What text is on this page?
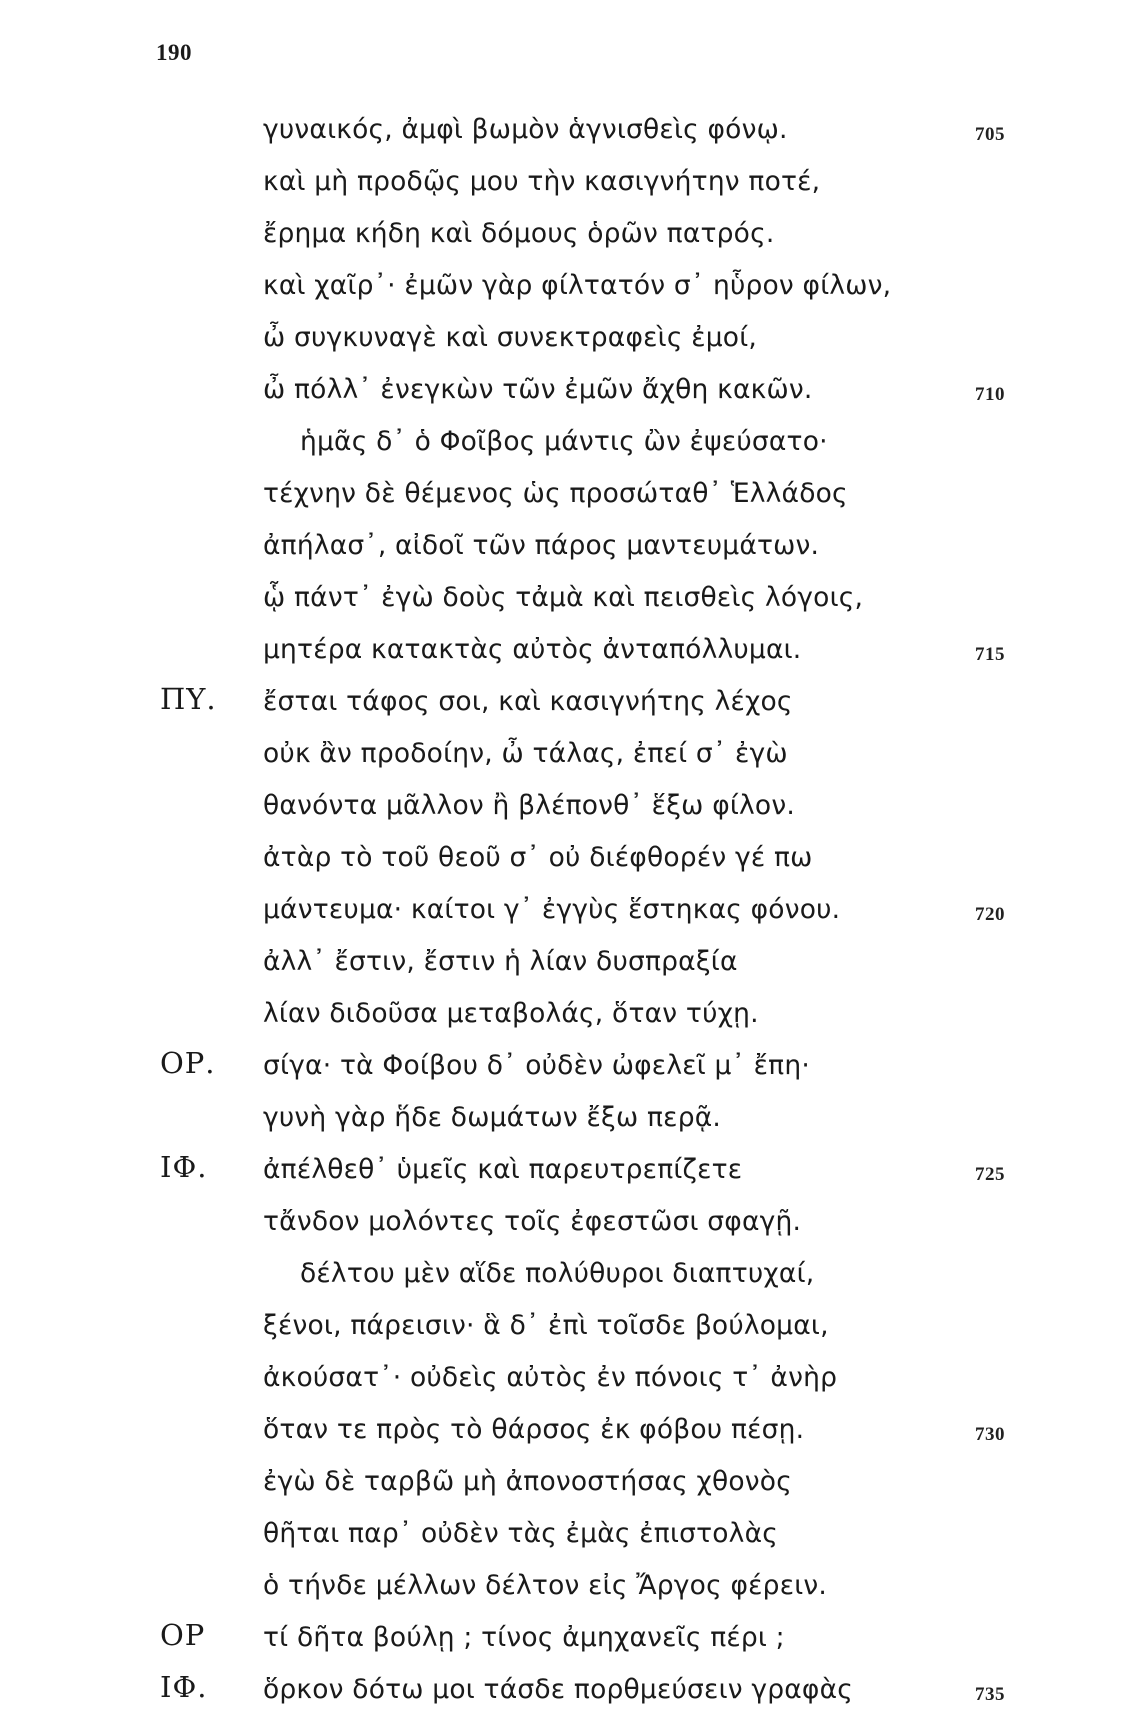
190
γυναικός, ἀμφὶ βωμὸν ἁγνισθεὶς φόνῳ.	705
καὶ μὴ προδῷς μου τὴν κασιγνήτην ποτέ,
ἔρημα κήδη καὶ δόμους ὁρῶν πατρός.
καὶ χαῖρ᾽· ἐμῶν γὰρ φίλτατόν σ᾽ ηὗρον φίλων,
ὦ συγκυναγὲ καὶ συνεκτραφεὶς ἐμοί,
ὦ πόλλ᾽ ἐνεγκὼν τῶν ἐμῶν ἄχθη κακῶν.	710
ἡμᾶς δ᾽ ὁ Φοῖβος μάντις ὢν ἐψεύσατο·
τέχνην δὲ θέμενος ὡς προσώταθ᾽ Ἑλλάδος
ἀπήλασ᾽, αἰδοῖ τῶν πάρος μαντευμάτων.
ᾧ πάντ᾽ ἐγὼ δοὺς τἀμὰ καὶ πεισθεὶς λόγοις,
μητέρα κατακτὰς αὐτὸς ἀνταπόλλυμαι.	715
ΠΥ. ἔσται τάφος σοι, καὶ κασιγνήτης λέχος
οὐκ ἂν προδοίην, ὦ τάλας, ἐπεί σ᾽ ἐγὼ
θανόντα μᾶλλον ἢ βλέπονθ᾽ ἕξω φίλον.
ἀτὰρ τὸ τοῦ θεοῦ σ᾽ οὐ διέφθορέν γέ πω
μάντευμα· καίτοι γ᾽ ἐγγὺς ἕστηκας φόνου.	720
ἀλλ᾽ ἔστιν, ἔστιν ἡ λίαν δυσπραξία
λίαν διδοῦσα μεταβολάς, ὅταν τύχῃ.
ΟΡ. σίγα· τὰ Φοίβου δ᾽ οὐδὲν ὠφελεῖ μ᾽ ἔπη·
γυνὴ γὰρ ἥδε δωμάτων ἔξω περᾷ.
ΙΦ. ἀπέλθεθ᾽ ὑμεῖς καὶ παρευτρεπίζετε	725
τἄνδον μολόντες τοῖς ἐφεστῶσι σφαγῇ.
δέλτου μὲν αἵδε πολύθυροι διαπτυχαί,
ξένοι, πάρεισιν· ἃ δ᾽ ἐπὶ τοῖσδε βούλομαι,
ἀκούσατ᾽· οὐδεὶς αὐτὸς ἐν πόνοις τ᾽ ἀνὴρ
ὅταν τε πρὸς τὸ θάρσος ἐκ φόβου πέσῃ.	730
ἐγὼ δὲ ταρβῶ μὴ ἀπονοστήσας χθονὸς
θῆται παρ᾽ οὐδὲν τὰς ἐμὰς ἐπιστολὰς
ὁ τήνδε μέλλων δέλτον εἰς Ἄργος φέρειν.
ΟΡ τί δῆτα βούλῃ ; τίνος ἀμηχανεῖς πέρι ;
ΙΦ. ὅρκον δότω μοι τάσδε πορθμεύσειν γραφὰς	735
